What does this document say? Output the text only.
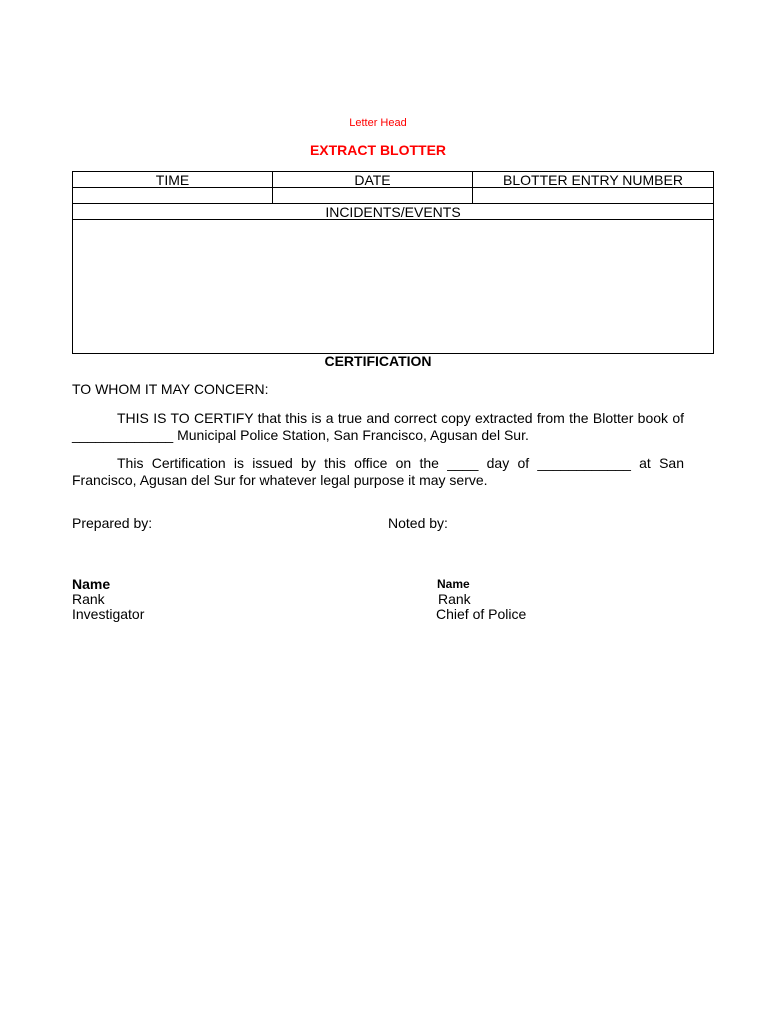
Letter Head
EXTRACT BLOTTER
TIME	DATE	BLOTTER ENTRY NUMBER

INCIDENTS/EVENTS		

CERTIFICATION
TO WHOM IT MAY CONCERN:
THIS IS TO CERTIFY that this is a true and correct copy extracted from the Blotter book of _____________ Municipal Police Station, San Francisco, Agusan del Sur.
This Certification is issued by this office on the ____ day of ____________ at San Francisco, Agusan del Sur for whatever legal purpose it may serve.
Prepared by:	Noted by:
Name
Rank
Investigator
Name
Rank
Chief of Police
